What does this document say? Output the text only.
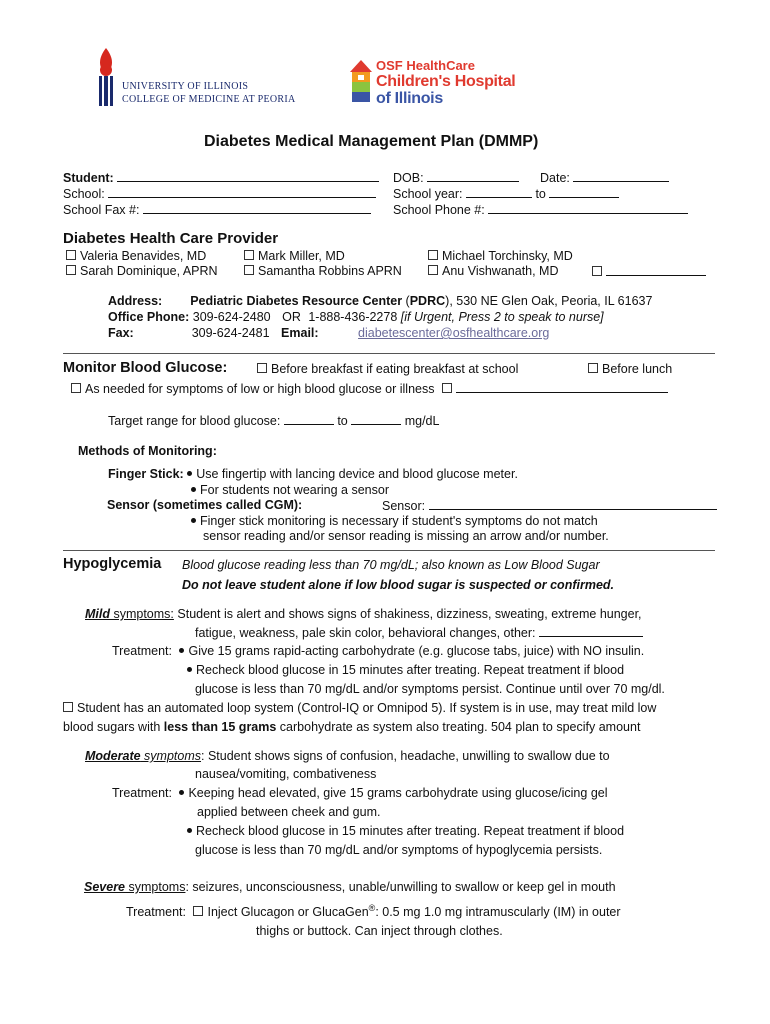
UNIVERSITY OF ILLINOIS
COLLEGE OF MEDICINE AT PEORIA
OSF HealthCare
Children's Hospital
of Illinois
Diabetes Medical Management Plan (DMMP)
Student:
School:
School Fax #:
DOB:	Date:
School year:	to
School Phone #:
Diabetes Health Care Provider
Valeria Benavides, MD	Mark Miller, MD	Michael Torchinsky, MD
Sarah Dominique, APRN	Samantha Robbins APRN	Anu Vishwanath, MD
Address: Pediatric Diabetes Resource Center (PDRC), 530 NE Glen Oak, Peoria, IL 61637
Office Phone: 309-624-2480 OR 1-888-436-2278 [if Urgent, Press 2 to speak to nurse]
Fax:	309-624-2481 Email:	diabetescenter@osfhealthcare.org
Monitor Blood Glucose:	Before breakfast if eating breakfast at school	Before lunch
As needed for symptoms of low or high blood glucose or illness
Target range for blood glucose:	to	mg/dL
Methods of Monitoring:
Finger Stick: Use fingertip with lancing device and blood glucose meter.
For students not wearing a sensor
Sensor (sometimes called CGM):	Sensor:
Finger stick monitoring is necessary if student's symptoms do not match
sensor reading and/or sensor reading is missing an arrow and/or number.
Hypoglycemia Blood glucose reading less than 70 mg/dL; also known as Low Blood Sugar
Do not leave student alone if low blood sugar is suspected or confirmed.
Mild symptoms: Student is alert and shows signs of shakiness, dizziness, sweating, extreme hunger,
fatigue, weakness, pale skin color, behavioral changes, other:
Treatment: Give 15 grams rapid-acting carbohydrate (e.g. glucose tabs, juice) with NO insulin.
Recheck blood glucose in 15 minutes after treating. Repeat treatment if blood
glucose is less than 70 mg/dL and/or symptoms persist. Continue until over 70 mg/dl.
Student has an automated loop system (Control-IQ or Omnipod 5). If system is in use, may treat mild low
blood sugars with less than 15 grams carbohydrate as system also treating. 504 plan to specify amount
Moderate symptoms: Student shows signs of confusion, headache, unwilling to swallow due to
nausea/vomiting, combativeness
Treatment: Keeping head elevated, give 15 grams carbohydrate using glucose/icing gel
applied between cheek and gum.
Recheck blood glucose in 15 minutes after treating. Repeat treatment if blood
glucose is less than 70 mg/dL and/or symptoms of hypoglycemia persists.
Severe symptoms: seizures, unconsciousness, unable/unwilling to swallow or keep gel in mouth
Treatment: Inject Glucagon or GlucaGen®: 0.5 mg 1.0 mg intramuscularly (IM) in outer
thighs or buttock. Can inject through clothes.
